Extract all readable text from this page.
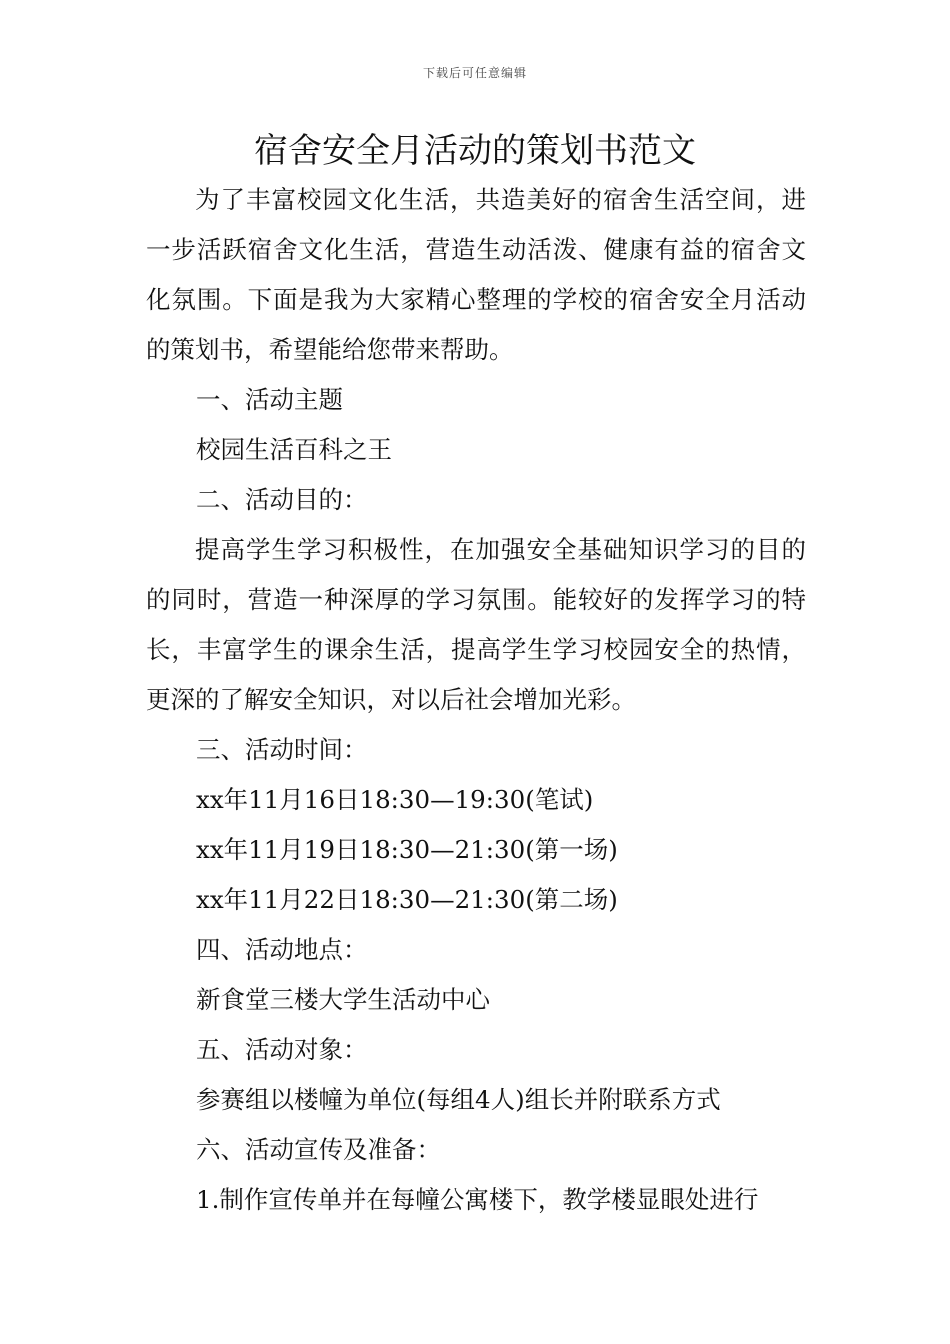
下载后可任意编辑
宿舍安全月活动的策划书范文

为了丰富校园文化生活，共造美好的宿舍生活空间，进一步活跃宿舍文化生活，营造生动活泼、健康有益的宿舍文化氛围。下面是我为大家精心整理的学校的宿舍安全月活动的策划书，希望能给您带来帮助。

一、活动主题

校园生活百科之王

二、活动目的：

提高学生学习积极性，在加强安全基础知识学习的目的的同时，营造一种深厚的学习氛围。能较好的发挥学习的特长，丰富学生的课余生活，提高学生学习校园安全的热情，更深的了解安全知识，对以后社会增加光彩。

三、活动时间：

xx年11月16日18:30—19:30(笔试)

xx年11月19日18:30—21:30(第一场)

xx年11月22日18:30—21:30(第二场)

四、活动地点：

新食堂三楼大学生活动中心

五、活动对象：

参赛组以楼幢为单位(每组4人)组长并附联系方式

六、活动宣传及准备：

1.制作宣传单并在每幢公寓楼下，教学楼显眼处进行
